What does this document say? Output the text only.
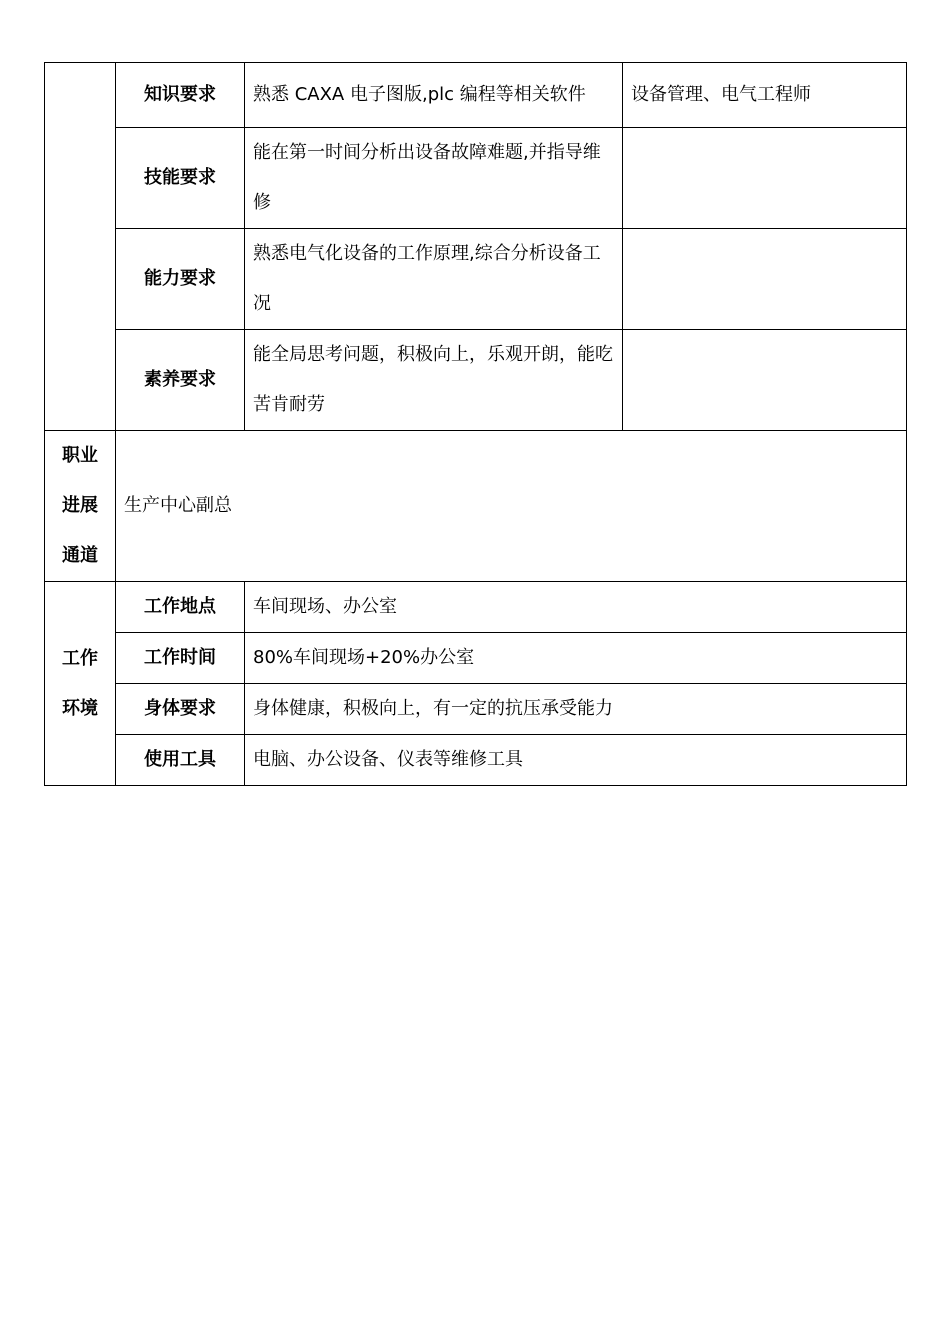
	知识要求	熟悉 CAXA 电子图版,plc 编程等相关软件	设备管理、电气工程师
	技能要求	能在第一时间分析出设备故障难题,并指导维修	
	能力要求	熟悉电气化设备的工作原理,综合分析设备工况	
	素养要求	能全局思考问题，积极向上，乐观开朗，能吃苦肯耐劳	

职业
进展
通道	生产中心副总		

工作
环境	工作地点	车间现场、办公室	
	工作时间	80%车间现场+20%办公室	
	身体要求	身体健康，积极向上，有一定的抗压承受能力	
	使用工具	电脑、办公设备、仪表等维修工具	
